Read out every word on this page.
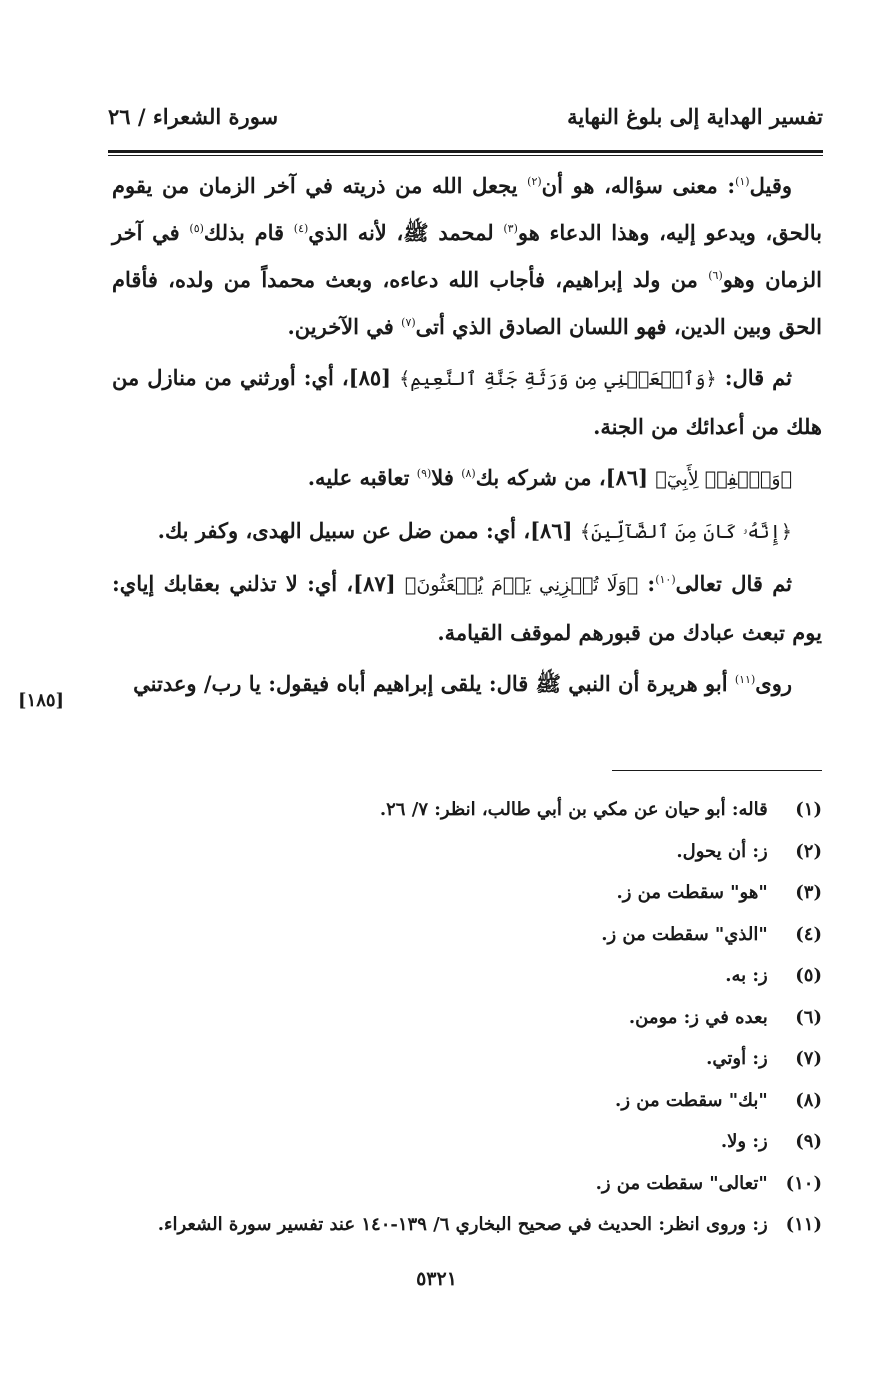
تفسير الهداية إلى بلوغ النهاية
سورة الشعراء / ٢٦

وقيل$^{(١)}$: معنى سؤاله، هو أن$^{(٢)}$ يجعل الله من ذريته في آخر الزمان من يقوم بالحق، ويدعو إليه، وهذا الدعاء هو$^{(٣)}$ لمحمد ﷺ، لأنه الذي$^{(٤)}$ قام بذلك$^{(٥)}$ في آخر الزمان وهو$^{(٦)}$ من ولد إبراهيم، فأجاب الله دعاءه، وبعث محمداً من ولده، فأقام الحق وبين الدين، فهو اللسان الصادق الذي أتى$^{(٧)}$ في الآخرين.

ثم قال: ﴿وَٱجۡعَلۡنِي مِن وَرَثَةِ جَنَّةِ ٱلنَّعِيمِ﴾ [٨٥]، أي: أورثني من منازل من هلك من أعدائك من الجنة.

﴿وَٱغۡفِرۡ لِأَبِيٓ﴾ [٨٦]، من شركه بك$^{(٨)}$ فلا$^{(٩)}$ تعاقبه عليه.

﴿إِنَّهُۥ كَانَ مِنَ ٱلضَّآلِّينَ﴾ [٨٦]، أي: ممن ضل عن سبيل الهدى، وكفر بك.

ثم قال تعالى$^{(١٠)}$: ﴿وَلَا تُخۡزِنِي يَوۡمَ يُبۡعَثُونَ﴾ [٨٧]، أي: لا تذلني بعقابك إياي: يوم تبعث عبادك من قبورهم لموقف القيامة.

روى$^{(١١)}$ أبو هريرة أن النبي ﷺ قال: يلقى إبراهيم أباه فيقول: يا رب/ وعدتني

[١٨٥]
(١) قاله: أبو حيان عن مكي بن أبي طالب، انظر: ٧/ ٢٦.
(٢) ز: أن يحول.
(٣) "هو" سقطت من ز.
(٤) "الذي" سقطت من ز.
(٥) ز: به.
(٦) بعده في ز: مومن.
(٧) ز: أوتي.
(٨) "بك" سقطت من ز.
(٩) ز: ولا.
(١٠) "تعالى" سقطت من ز.
(١١) ز: وروى انظر: الحديث في صحيح البخاري ٦/ ١٣٩-١٤٠ عند تفسير سورة الشعراء.
٥٣٢١
